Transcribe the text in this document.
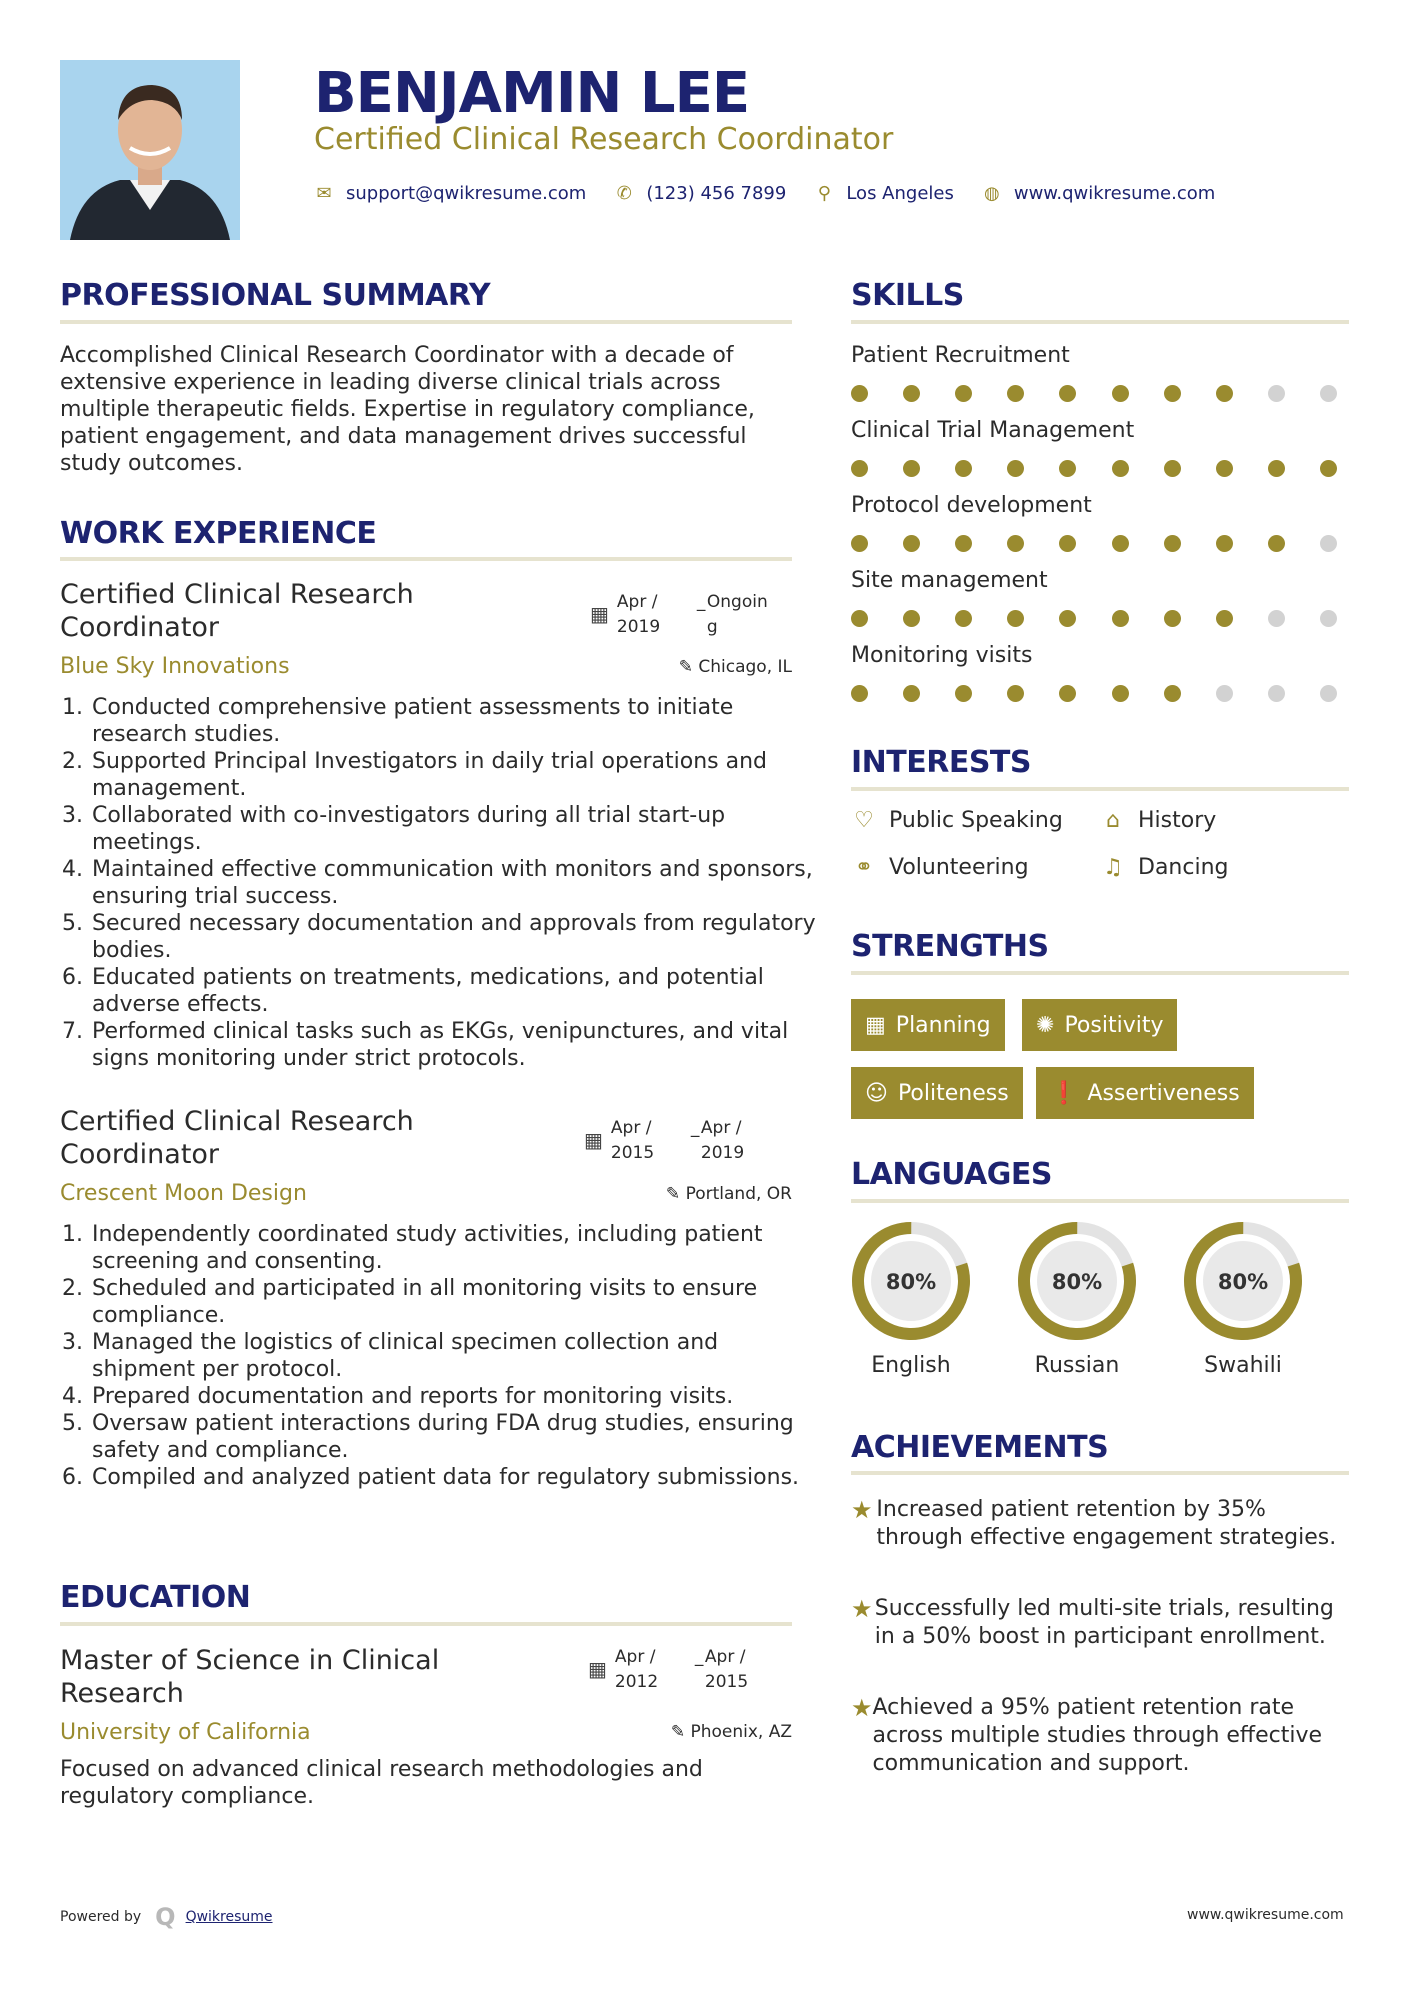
BENJAMIN LEE
Certified Clinical Research Coordinator
✉ support@qwikresume.com ✆ (123) 456 7899 ⚲ Los Angeles ◍ www.qwikresume.com
PROFESSIONAL SUMMARY
Accomplished Clinical Research Coordinator with a decade of extensive experience in leading diverse clinical trials across multiple therapeutic fields. Expertise in regulatory compliance, patient engagement, and data management drives successful study outcomes.
WORK EXPERIENCE
Certified Clinical Research Coordinator	▦ Apr / 2019
_ Ongoin g
Blue Sky Innovations	✎ Chicago, IL
1. Conducted comprehensive patient assessments to initiate research studies.
2. Supported Principal Investigators in daily trial operations and management.
3. Collaborated with co-investigators during all trial start-up meetings.
4. Maintained effective communication with monitors and sponsors, ensuring trial success.
5. Secured necessary documentation and approvals from regulatory bodies.
6. Educated patients on treatments, medications, and potential adverse effects.
7. Performed clinical tasks such as EKGs, venipunctures, and vital signs monitoring under strict protocols.
Certified Clinical Research Coordinator	▦ Apr / 2015
_ Apr / 2019
Crescent Moon Design	✎ Portland, OR
1. Independently coordinated study activities, including patient screening and consenting.
2. Scheduled and participated in all monitoring visits to ensure compliance.
3. Managed the logistics of clinical specimen collection and shipment per protocol.
4. Prepared documentation and reports for monitoring visits.
5. Oversaw patient interactions during FDA drug studies, ensuring safety and compliance.
6. Compiled and analyzed patient data for regulatory submissions.
EDUCATION
Master of Science in Clinical Research
▦ Apr / 2012
_ Apr / 2015
University of California	✎ Phoenix, AZ
Focused on advanced clinical research methodologies and regulatory compliance.
SKILLS
Patient Recruitment
Clinical Trial Management
Protocol development
Site management
Monitoring visits
INTERESTS
♡ Public Speaking ⌂ History
⚭ Volunteering	♫ Dancing
STRENGTHS
▦ Planning ✺ Positivity
☺ Politeness ❗ Assertiveness
LANGUAGES
80%
English
80%
Russian
80%
Swahili
ACHIEVEMENTS
★ Increased patient retention by 35% through effective engagement strategies.
★ Successfully led multi-site trials, resulting in a 50% boost in participant enrollment.
★ Achieved a 95% patient retention rate across multiple studies through effective communication and support.
Powered by Q Qwikresume	www.qwikresume.com
